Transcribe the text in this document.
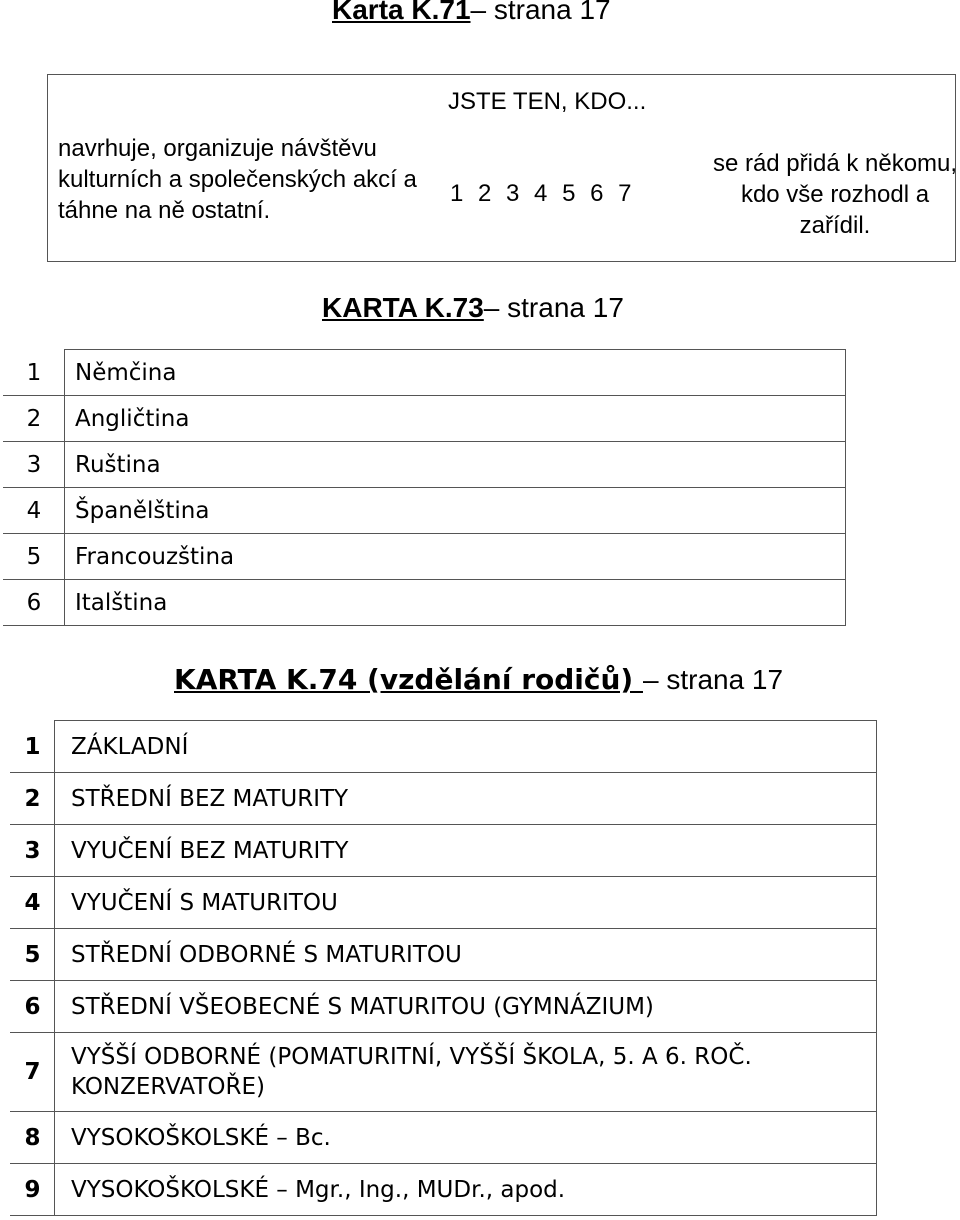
Karta K.71– strana 17
navrhuje, organizuje návštěvu kulturních a společenských akcí a táhne na ně ostatní.
JSTE TEN, KDO...
1 2 3 4 5 6 7
se rád přidá k někomu, kdo vše rozhodl a zařídil.
KARTA K.73– strana 17
1	Němčina
2	Angličtina
3	Ruština
4	Španělština
5	Francouzština
6	Italština
KARTA K.74 (vzdělání rodičů) – strana 17
1	ZÁKLADNÍ
2	STŘEDNÍ BEZ MATURITY
3	VYUČENÍ BEZ MATURITY
4	VYUČENÍ S MATURITOU
5	STŘEDNÍ ODBORNÉ S MATURITOU
6	STŘEDNÍ VŠEOBECNÉ S MATURITOU (GYMNÁZIUM)
7	VYŠŠÍ ODBORNÉ (POMATURITNÍ, VYŠŠÍ ŠKOLA, 5. A 6. ROČ. KONZERVATOŘE)
8	VYSOKOŠKOLSKÉ – Bc.
9	VYSOKOŠKOLSKÉ – Mgr., Ing., MUDr., apod.
